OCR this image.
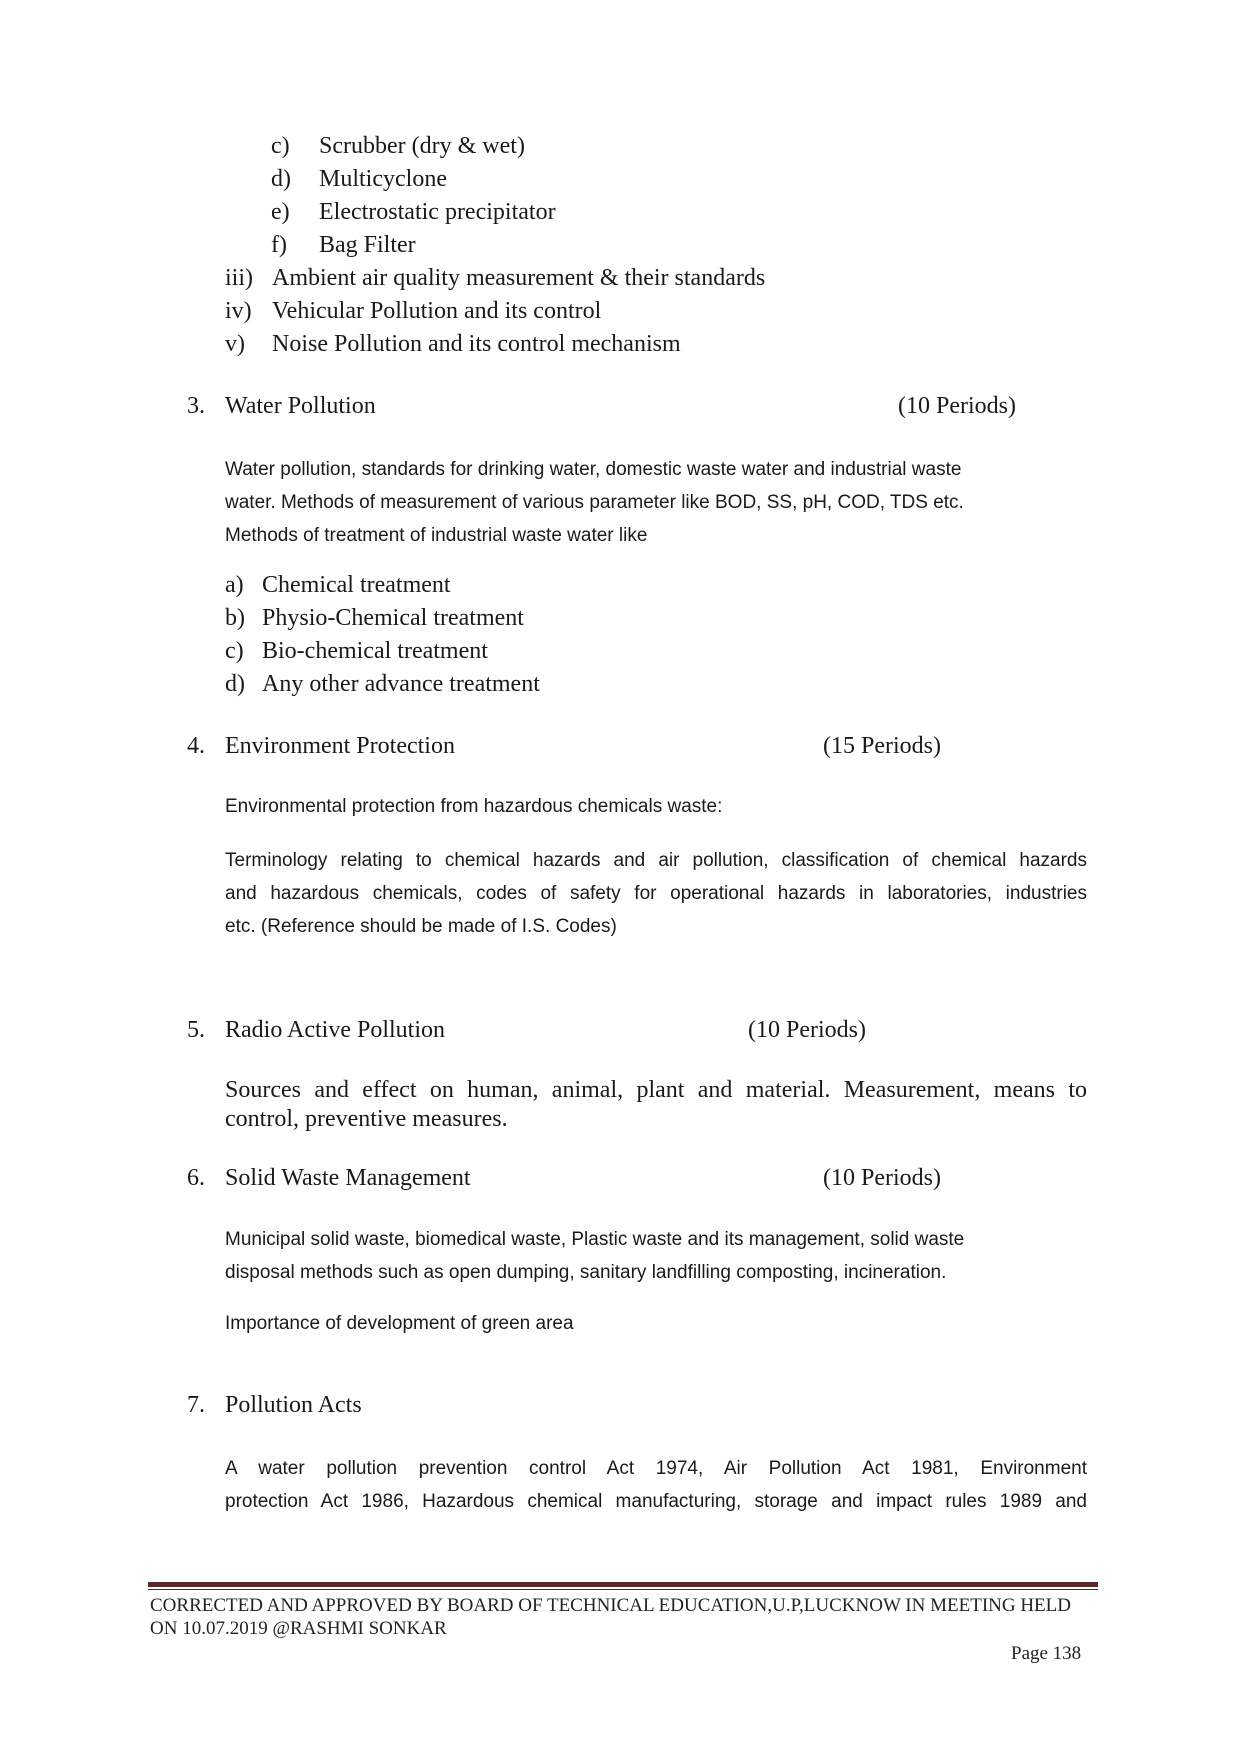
c) Scrubber (dry & wet)
d) Multicyclone
e) Electrostatic precipitator
f) Bag Filter
iii) Ambient air quality measurement & their standards
iv) Vehicular Pollution and its control
v) Noise Pollution and its control mechanism
3. Water Pollution	(10 Periods)
Water pollution, standards for drinking water, domestic waste water and industrial waste
water. Methods of measurement of various parameter like BOD, SS, pH, COD, TDS etc.
Methods of treatment of industrial waste water like
a) Chemical treatment
b) Physio-Chemical treatment
c) Bio-chemical treatment
d) Any other advance treatment
4. Environment Protection	(15 Periods)
Environmental protection from hazardous chemicals waste:
Terminology relating to chemical hazards and air pollution, classification of chemical hazards
and hazardous chemicals, codes of safety for operational hazards in laboratories, industries
etc. (Reference should be made of I.S. Codes)
5. Radio Active Pollution	(10 Periods)
Sources and effect on human, animal, plant and material. Measurement, means to
control, preventive measures.
6. Solid Waste Management	(10 Periods)
Municipal solid waste, biomedical waste, Plastic waste and its management, solid waste
disposal methods such as open dumping, sanitary landfilling composting, incineration.
Importance of development of green area
7. Pollution Acts
A water pollution prevention control Act 1974, Air Pollution Act 1981, Environment
protection Act 1986, Hazardous chemical manufacturing, storage and impact rules 1989 and
CORRECTED AND APPROVED BY BOARD OF TECHNICAL EDUCATION,U.P,LUCKNOW IN MEETING HELD
ON 10.07.2019 @RASHMI SONKAR
Page 138
